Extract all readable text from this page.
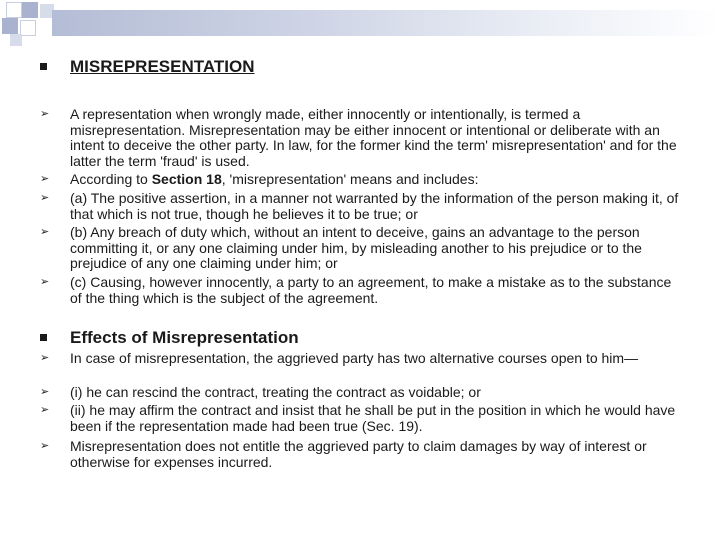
MISREPRESENTATION
➢	A representation when wrongly made, either innocently or intentionally, is termed a misrepresentation. Misrepresentation may be either innocent or intentional or deliberate with an intent to deceive the other party. In law, for the former kind the term' misrepresentation' and for the latter the term 'fraud' is used.
➢	According to Section 18, 'misrepresentation' means and includes:
➢	(a) The positive assertion, in a manner not warranted by the information of the person making it, of that which is not true, though he believes it to be true; or
➢	(b) Any breach of duty which, without an intent to deceive, gains an advantage to the person committing it, or any one claiming under him, by misleading another to his prejudice or to the prejudice of any one claiming under him; or
➢	(c) Causing, however innocently, a party to an agreement, to make a mistake as to the substance of the thing which is the subject of the agreement.
Effects of Misrepresentation
➢	In case of misrepresentation, the aggrieved party has two alternative courses open to him—
➢	(i) he can rescind the contract, treating the contract as voidable; or
➢	(ii) he may affirm the contract and insist that he shall be put in the position in which he would have been if the representation made had been true (Sec. 19).
➢	Misrepresentation does not entitle the aggrieved party to claim damages by way of interest or otherwise for expenses incurred.
